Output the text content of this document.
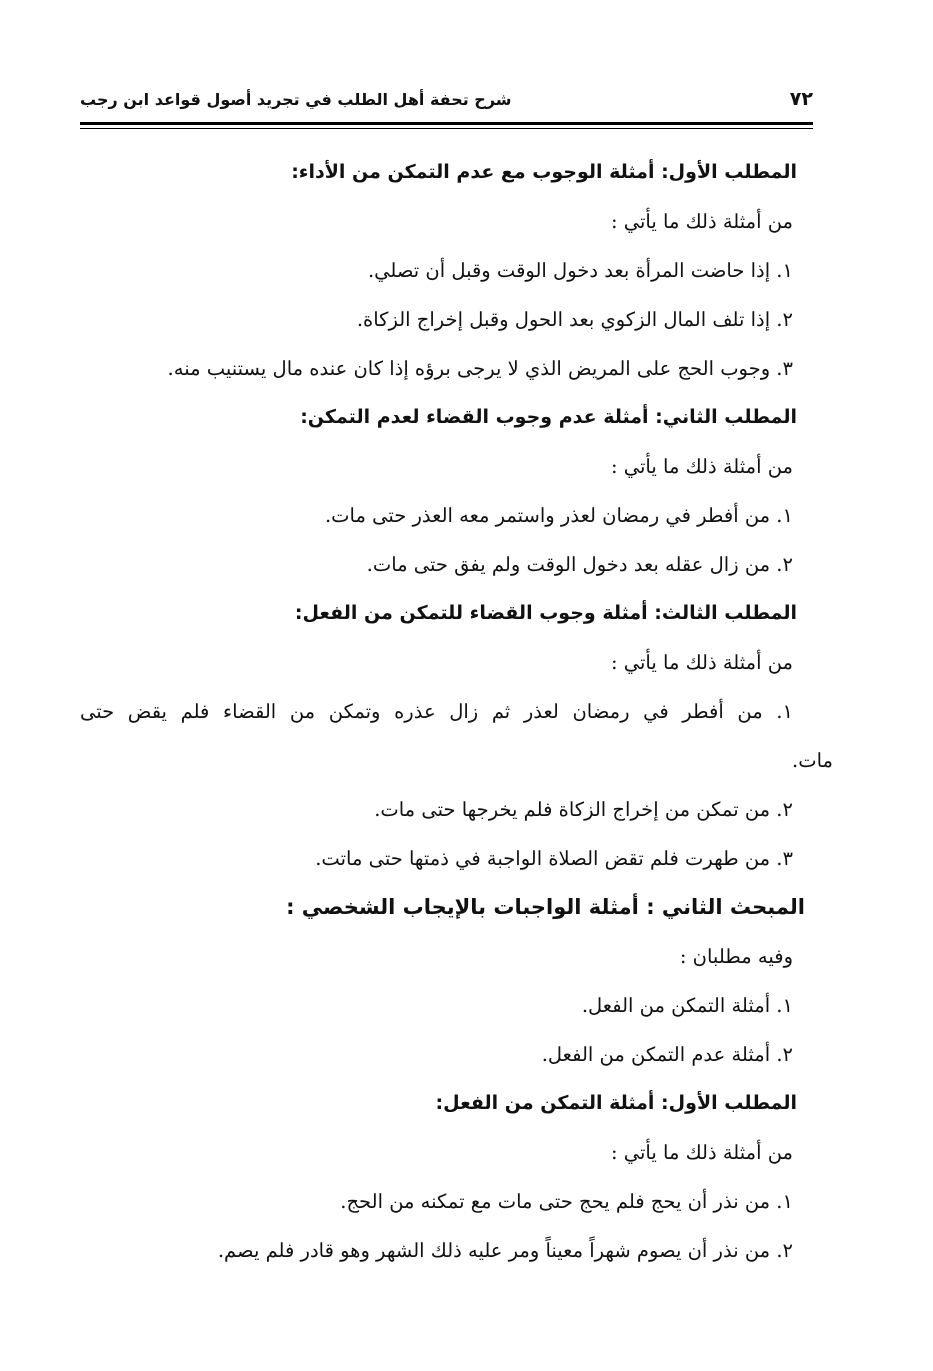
٧٢
شرح تحفة أهل الطلب في تجريد أصول قواعد ابن رجب
المطلب الأول: أمثلة الوجوب مع عدم التمكن من الأداء:
من أمثلة ذلك ما يأتي :
١. إذا حاضت المرأة بعد دخول الوقت وقبل أن تصلي.
٢. إذا تلف المال الزكوي بعد الحول وقبل إخراج الزكاة.
٣. وجوب الحج على المريض الذي لا يرجى برؤه إذا كان عنده مال يستنيب منه.
المطلب الثاني: أمثلة عدم وجوب القضاء لعدم التمكن:
من أمثلة ذلك ما يأتي :
١. من أفطر في رمضان لعذر واستمر معه العذر حتى مات.
٢. من زال عقله بعد دخول الوقت ولم يفق حتى مات.
المطلب الثالث: أمثلة وجوب القضاء للتمكن من الفعل:
من أمثلة ذلك ما يأتي :
١. من أفطر في رمضان لعذر ثم زال عذره وتمكن من القضاء فلم يقض حتى
مات.
٢. من تمكن من إخراج الزكاة فلم يخرجها حتى مات.
٣. من طهرت فلم تقض الصلاة الواجبة في ذمتها حتى ماتت.
المبحث الثاني : أمثلة الواجبات بالإيجاب الشخصي :
وفيه مطلبان :
١. أمثلة التمكن من الفعل.
٢. أمثلة عدم التمكن من الفعل.
المطلب الأول: أمثلة التمكن من الفعل:
من أمثلة ذلك ما يأتي :
١. من نذر أن يحج فلم يحج حتى مات مع تمكنه من الحج.
٢. من نذر أن يصوم شهراً معيناً ومر عليه ذلك الشهر وهو قادر فلم يصم.
